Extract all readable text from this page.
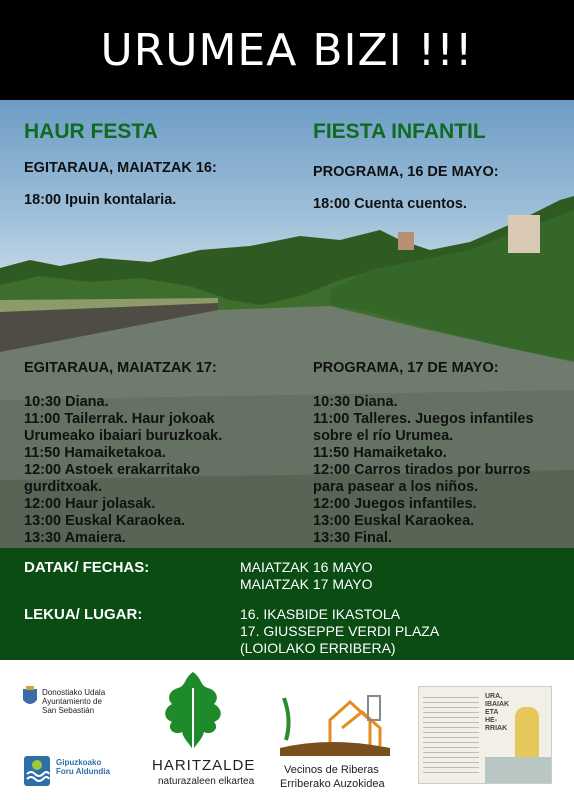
URUMEA BIZI !!!
HAUR FESTA	FIESTA INFANTIL
EGITARAUA, MAIATZAK 16:
18:00 Ipuin kontalaria.
PROGRAMA, 16 DE MAYO:
18:00 Cuenta cuentos.
EGITARAUA, MAIATZAK 17:
10:30 Diana.
11:00 Tailerrak. Haur jokoak
Urumeako ibaiari buruzkoak.
11:50 Hamaiketakoa.
12:00 Astoek erakarritako
gurditxoak.
12:00 Haur jolasak.
13:00 Euskal Karaokea.
13:30 Amaiera.
PROGRAMA, 17 DE MAYO:
10:30 Diana.
11:00 Talleres. Juegos infantiles
sobre el río Urumea.
11:50 Hamaiketako.
12:00 Carros tirados por burros
para pasear a los niños.
12:00 Juegos infantiles.
13:00 Euskal Karaokea.
13:30 Final.
DATAK/ FECHAS:	MAIATZAK 16 MAYO
MAIATZAK 17 MAYO
LEKUA/ LUGAR:	16. IKASBIDE IKASTOLA
17. GIUSSEPPE VERDI PLAZA
(LOIOLAKO ERRIBERA)
Donostiako Udala
Ayuntamiento de
San Sebastián
Gipuzkoako
Foru Aldundia	HARITZALDE
naturazaleen elkartea
Vecinos de Riberas
Erriberako Auzokidea
URA, IBAIAK ETA HE- RRIAK
